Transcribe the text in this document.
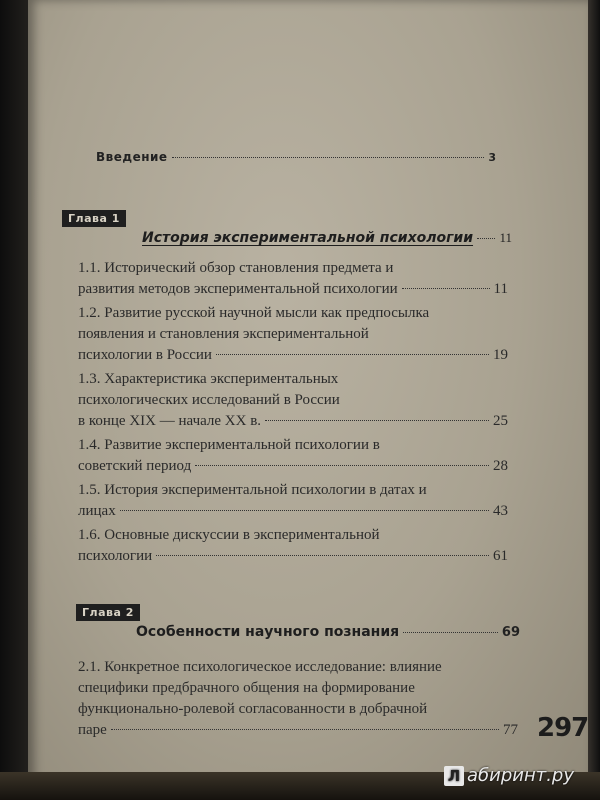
Введение	3
Глава 1
История экспериментальной психологии 11
1.1. Исторический обзор становления предмета и
развития методов экспериментальной психологии	11
1.2. Развитие русской научной мысли как предпосылка
появления и становления экспериментальной
психологии в России	19
1.3. Характеристика экспериментальных
психологических исследований в России
в конце XIX — начале XX в.	25
1.4. Развитие экспериментальной психологии в
советский период	28
1.5. История экспериментальной психологии в датах и
лицах	43
1.6. Основные дискуссии в экспериментальной
психологии	61
Глава 2
Особенности научного познания	69
2.1. Конкретное психологическое исследование: влияние
специфики предбрачного общения на формирование
функционально-ролевой согласованности в добрачной
паре	77 297
Л абиринт.ру
